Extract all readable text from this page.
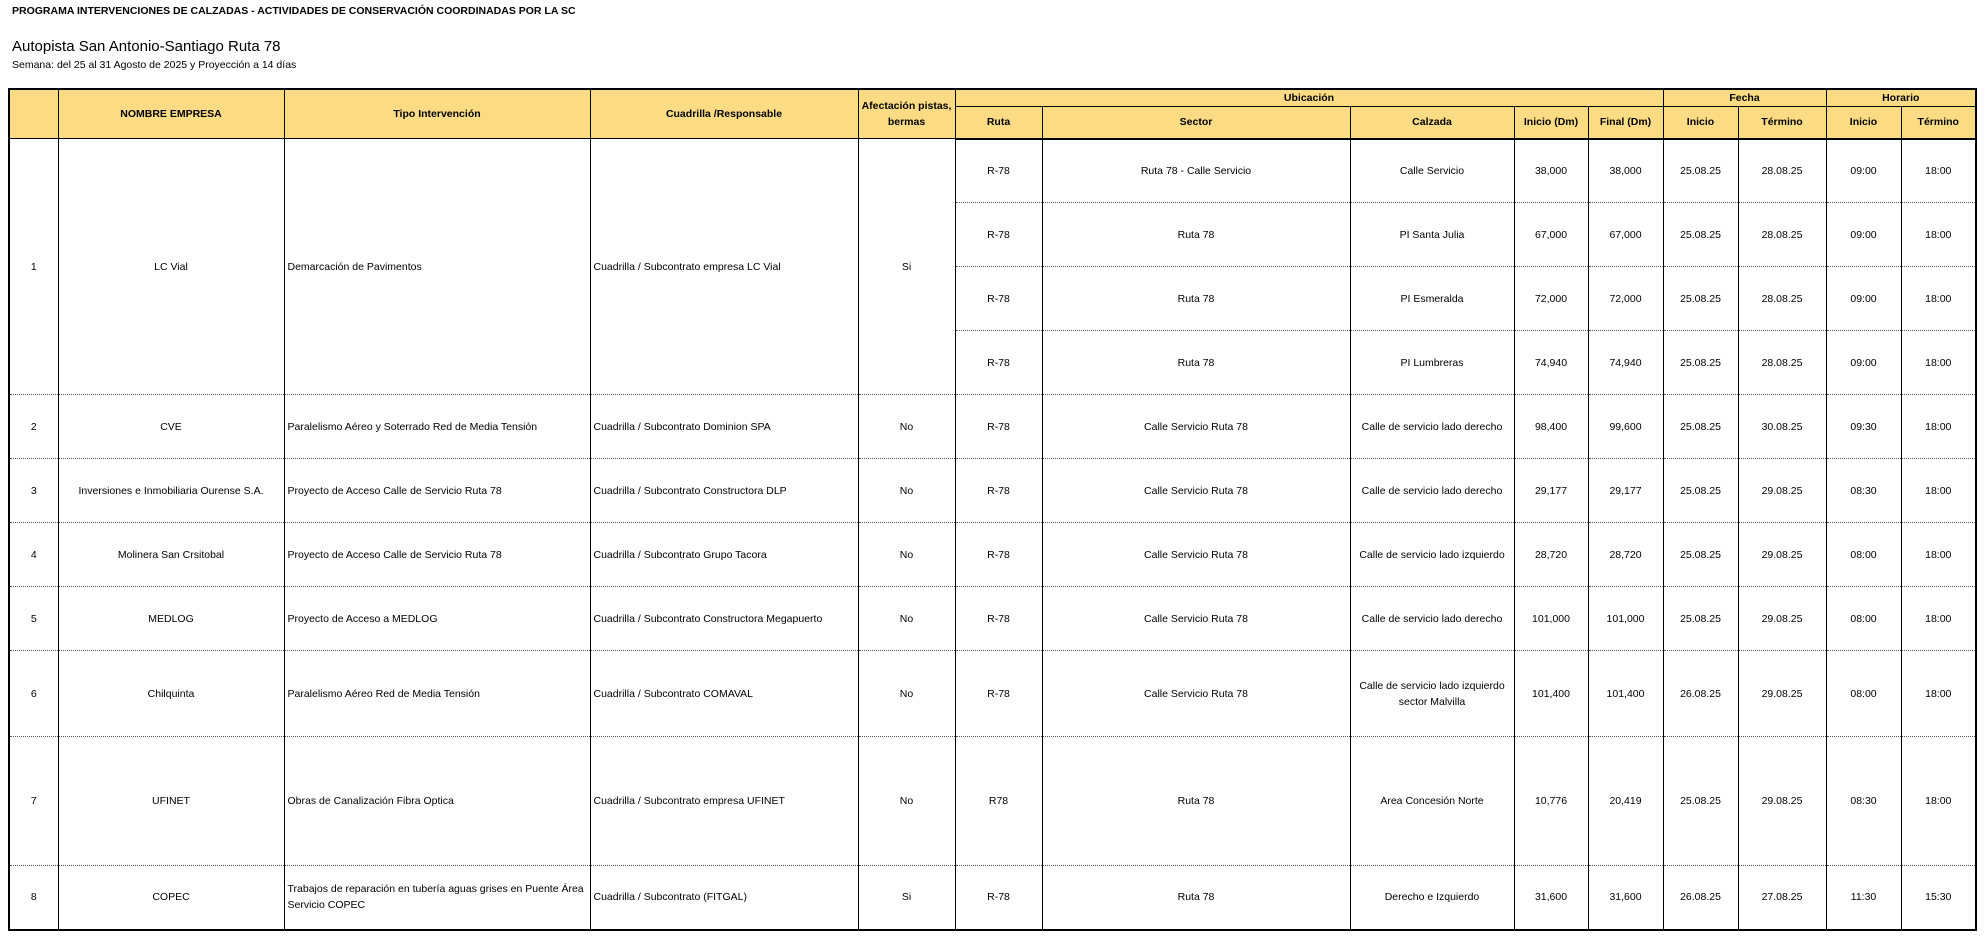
PROGRAMA INTERVENCIONES DE CALZADAS - ACTIVIDADES DE CONSERVACIÓN COORDINADAS POR LA SC
Autopista San Antonio-Santiago Ruta 78
Semana: del 25 al 31 Agosto de 2025 y Proyección a 14 días
	NOMBRE EMPRESA	Tipo Intervención	Cuadrilla /Responsable	Afectación pistas, bermas	Ubicación					Fecha		Horario	
					Ruta	Sector	Calzada	Inicio (Dm)	Final (Dm)	Inicio	Término	Inicio	Término
1	LC Vial	Demarcación de Pavimentos	Cuadrilla / Subcontrato empresa LC Vial	Si	R-78	Ruta 78 - Calle Servicio	Calle Servicio	38,000	38,000	25.08.25	28.08.25	09:00	18:00
					R-78	Ruta 78	PI Santa Julia	67,000	67,000	25.08.25	28.08.25	09:00	18:00
					R-78	Ruta 78	PI Esmeralda	72,000	72,000	25.08.25	28.08.25	09:00	18:00
					R-78	Ruta 78	PI Lumbreras	74,940	74,940	25.08.25	28.08.25	09:00	18:00
2	CVE	Paralelismo Aéreo y Soterrado Red de Media Tensión	Cuadrilla / Subcontrato Dominion SPA	No	R-78	Calle Servicio Ruta 78	Calle de servicio lado derecho	98,400	99,600	25.08.25	30.08.25	09:30	18:00
3	Inversiones e Inmobiliaria Ourense S.A.	Proyecto de Acceso Calle de Servicio Ruta 78	Cuadrilla / Subcontrato Constructora DLP	No	R-78	Calle Servicio Ruta 78	Calle de servicio lado derecho	29,177	29,177	25.08.25	29.08.25	08:30	18:00
4	Molinera San Crsitobal	Proyecto de Acceso Calle de Servicio Ruta 78	Cuadrilla / Subcontrato Grupo Tacora	No	R-78	Calle Servicio Ruta 78	Calle de servicio lado izquierdo	28,720	28,720	25.08.25	29.08.25	08:00	18:00
5	MEDLOG	Proyecto de Acceso a MEDLOG	Cuadrilla / Subcontrato Constructora Megapuerto	No	R-78	Calle Servicio Ruta 78	Calle de servicio lado derecho	101,000	101,000	25.08.25	29.08.25	08:00	18:00
6	Chilquinta	Paralelismo Aéreo Red de Media Tensión	Cuadrilla / Subcontrato COMAVAL	No	R-78	Calle Servicio Ruta 78	Calle de servicio lado izquierdo sector Malvilla	101,400	101,400	26.08.25	29.08.25	08:00	18:00
7	UFINET	Obras de Canalización Fibra Optica	Cuadrilla / Subcontrato empresa UFINET	No	R78	Ruta 78	Area Concesión Norte	10,776	20,419	25.08.25	29.08.25	08:30	18:00
8	COPEC	Trabajos de reparación en tubería aguas grises en Puente Área Servicio COPEC	Cuadrilla / Subcontrato (FITGAL)	Si	R-78	Ruta 78	Derecho e Izquierdo	31,600	31,600	26.08.25	27.08.25	11:30	15:30
